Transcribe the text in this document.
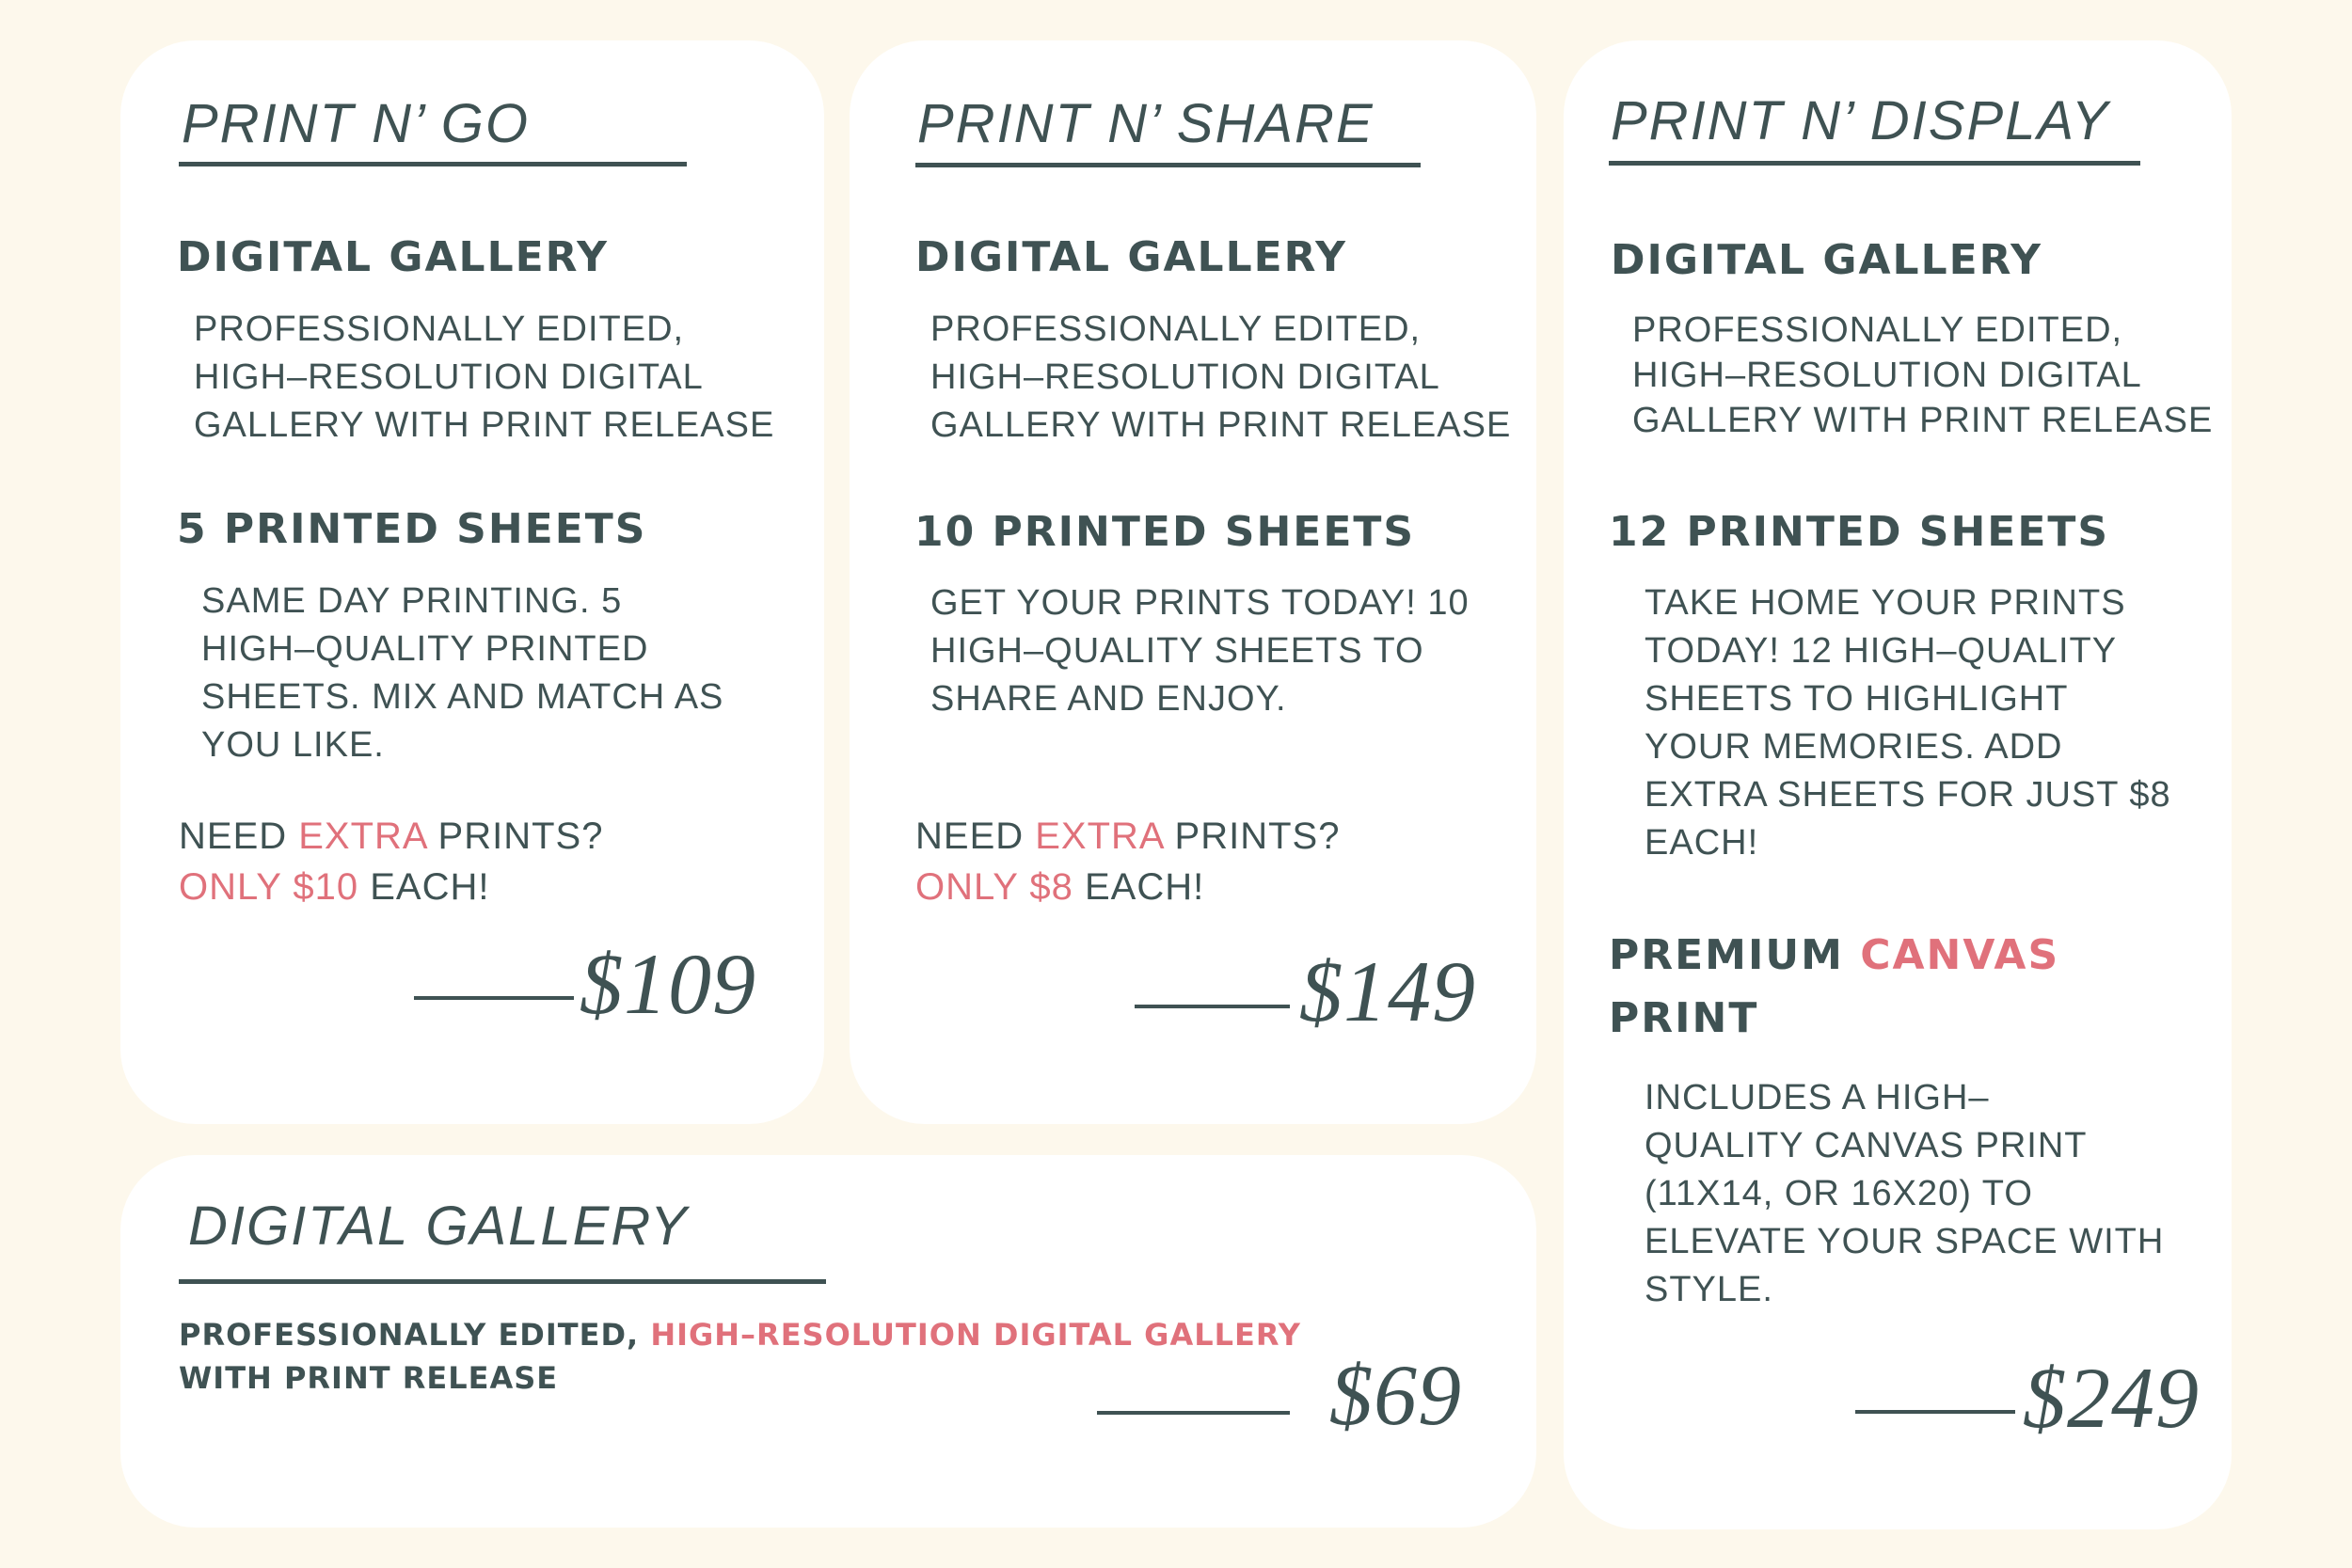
PRINT N’ GO

DIGITAL GALLERY

PROFESSIONALLY EDITED,

HIGH–RESOLUTION DIGITAL

GALLERY WITH PRINT RELEASE

5 PRINTED SHEETS

SAME DAY PRINTING. 5

HIGH–QUALITY PRINTED

SHEETS. MIX AND MATCH AS

YOU LIKE.

NEED EXTRA PRINTS?

ONLY $10 EACH!

$109

PRINT N’ SHARE

DIGITAL GALLERY

PROFESSIONALLY EDITED,

HIGH–RESOLUTION DIGITAL

GALLERY WITH PRINT RELEASE

10 PRINTED SHEETS

GET YOUR PRINTS TODAY! 10

HIGH–QUALITY SHEETS TO

SHARE AND ENJOY.

NEED EXTRA PRINTS?

ONLY $8 EACH!

$149

PRINT N’ DISPLAY

DIGITAL GALLERY

PROFESSIONALLY EDITED,

HIGH–RESOLUTION DIGITAL

GALLERY WITH PRINT RELEASE

12 PRINTED SHEETS

TAKE HOME YOUR PRINTS

TODAY! 12 HIGH–QUALITY

SHEETS TO HIGHLIGHT

YOUR MEMORIES. ADD

EXTRA SHEETS FOR JUST $8

EACH!

PREMIUM CANVAS
PRINT

INCLUDES A HIGH–

QUALITY CANVAS PRINT

(11X14, OR 16X20) TO

ELEVATE YOUR SPACE WITH

STYLE.

$249

DIGITAL GALLERY

PROFESSIONALLY EDITED, HIGH–RESOLUTION DIGITAL GALLERY
WITH PRINT RELEASE	$69
